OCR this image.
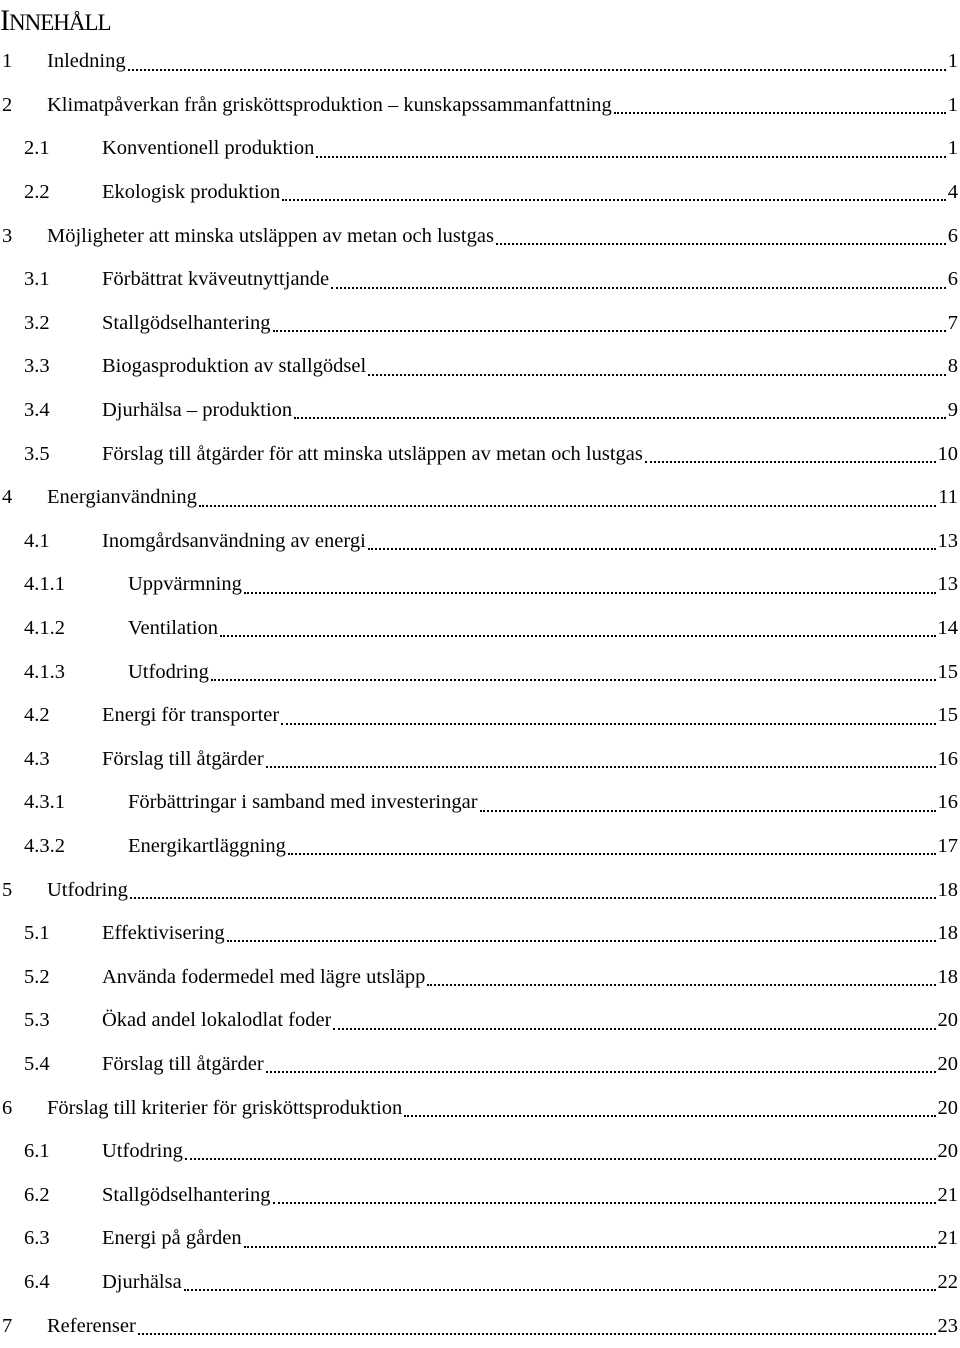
INNEHÅLL
1	Inledning	1
2	Klimatpåverkan från grisköttsproduktion – kunskapssammanfattning	1
2.1	Konventionell produktion	1
2.2	Ekologisk produktion	4
3	Möjligheter att minska utsläppen av metan och lustgas	6
3.1	Förbättrat kväveutnyttjande	6
3.2	Stallgödselhantering	7
3.3	Biogasproduktion av stallgödsel	8
3.4	Djurhälsa – produktion	9
3.5	Förslag till åtgärder för att minska utsläppen av metan och lustgas	10
4	Energianvändning	11
4.1	Inomgårdsanvändning av energi	13
4.1.1	Uppvärmning	13
4.1.2	Ventilation	14
4.1.3	Utfodring	15
4.2	Energi för transporter	15
4.3	Förslag till åtgärder	16
4.3.1	Förbättringar i samband med investeringar	16
4.3.2	Energikartläggning	17
5	Utfodring	18
5.1	Effektivisering	18
5.2	Använda fodermedel med lägre utsläpp	18
5.3	Ökad andel lokalodlat foder	20
5.4	Förslag till åtgärder	20
6	Förslag till kriterier för grisköttsproduktion	20
6.1	Utfodring	20
6.2	Stallgödselhantering	21
6.3	Energi på gården	21
6.4	Djurhälsa	22
7	Referenser	23
